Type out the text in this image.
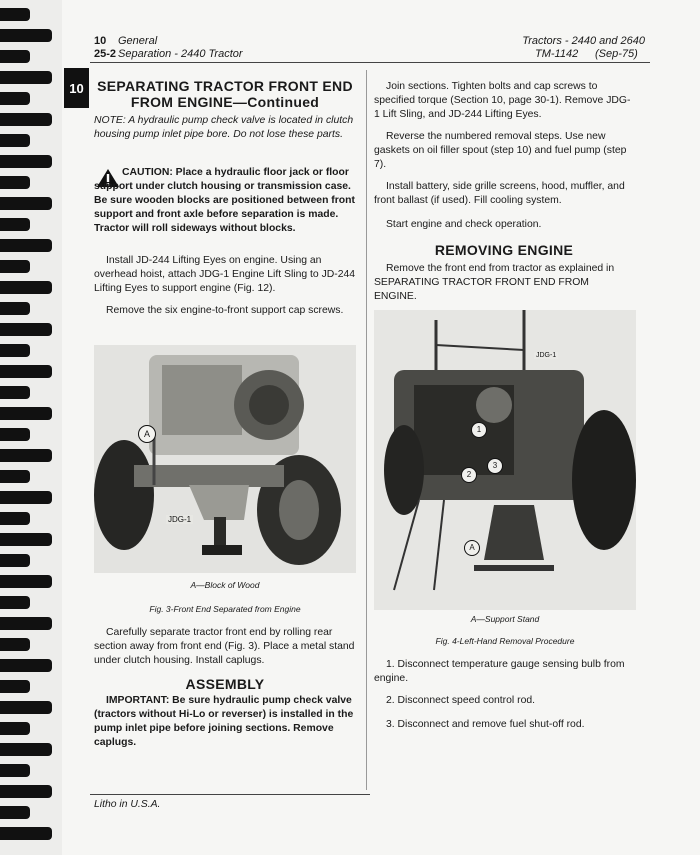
10
10 General
25-2 Separation - 2440 Tractor
Tractors - 2440 and 2640
TM-1142 (Sep-75)
SEPARATING TRACTOR FRONT END
FROM ENGINE—Continued
NOTE: A hydraulic pump check valve is located in clutch housing pump inlet pipe bore. Do not lose these parts.
CAUTION: Place a hydraulic floor jack or floor support under clutch housing or transmission case. Be sure wooden blocks are positioned between front support and front axle before separation is made. Tractor will roll sideways without blocks.
Install JD-244 Lifting Eyes on engine. Using an overhead hoist, attach JDG-1 Engine Lift Sling to JD-244 Lifting Eyes to support engine (Fig. 12).
Remove the six engine-to-front support cap screws.
A
JDG-1
A—Block of Wood
Fig. 3-Front End Separated from Engine
Carefully separate tractor front end by rolling rear section away from front end (Fig. 3). Place a metal stand under clutch housing. Install caplugs.
ASSEMBLY
IMPORTANT: Be sure hydraulic pump check valve (tractors without Hi-Lo or reverser) is installed in the pump inlet pipe before joining sections. Remove caplugs.
Litho in U.S.A.
Join sections. Tighten bolts and cap screws to specified torque (Section 10, page 30-1). Remove JDG-1 Lift Sling, and JD-244 Lifting Eyes.
Reverse the numbered removal steps. Use new gaskets on oil filler spout (step 10) and fuel pump (step 7).
Install battery, side grille screens, hood, muffler, and front ballast (if used). Fill cooling system.
Start engine and check operation.
REMOVING ENGINE
Remove the front end from tractor as explained in SEPARATING TRACTOR FRONT END FROM ENGINE.
1
2
3
A
JDG-1
A—Support Stand
Fig. 4-Left-Hand Removal Procedure
1. Disconnect temperature gauge sensing bulb from engine.
2. Disconnect speed control rod.
3. Disconnect and remove fuel shut-off rod.
